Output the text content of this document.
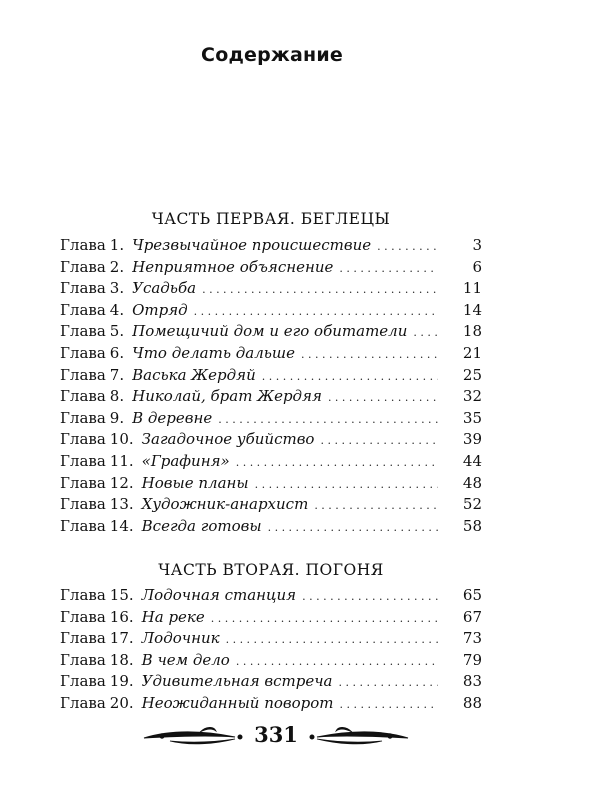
Содержание
ЧАСТЬ ПЕРВАЯ. БЕГЛЕЦЫ
Глава 1. Чрезвычайное происшествие . . .	3
Глава 2. Неприятное объяснение . . .	6
Глава 3. Усадьба . . .	11
Глава 4. Отряд . . .	14
Глава 5. Помещичий дом и его обитатели . . .	18
Глава 6. Что делать дальше . . .	21
Глава 7. Васька Жердяй . . .	25
Глава 8. Николай, брат Жердяя . . .	32
Глава 9. В деревне . . .	35
Глава 10. Загадочное убийство . . .	39
Глава 11. «Графиня» . . .	44
Глава 12. Новые планы . . .	48
Глава 13. Художник-анархист . . .	52
Глава 14. Всегда готовы . . .	58
ЧАСТЬ ВТОРАЯ. ПОГОНЯ
Глава 15. Лодочная станция . . .	65
Глава 16. На реке . . .	67
Глава 17. Лодочник . . .	73
Глава 18. В чем дело . . .	79
Глава 19. Удивительная встреча . . .	83
Глава 20. Неожиданный поворот . . .	88
331
